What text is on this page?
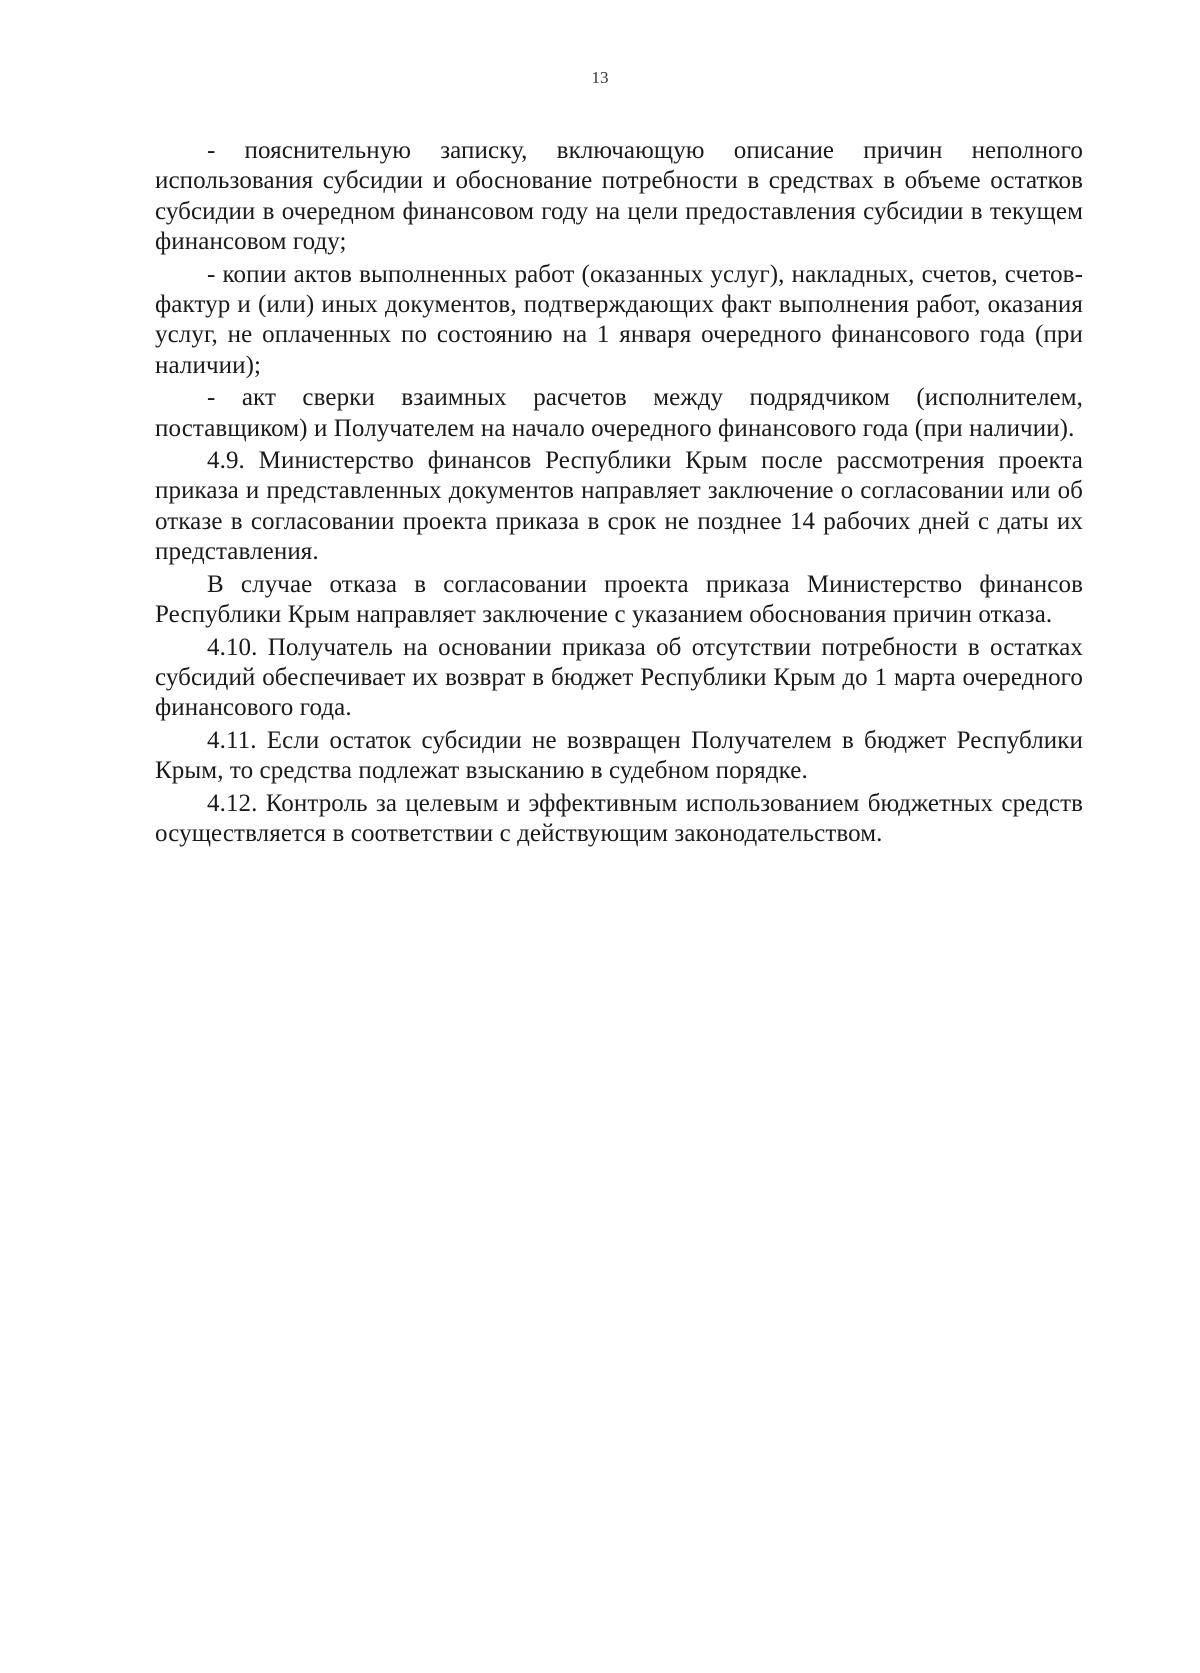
13

- пояснительную записку, включающую описание причин неполного использования субсидии и обоснование потребности в средствах в объеме остатков субсидии в очередном финансовом году на цели предоставления субсидии в текущем финансовом году;

- копии актов выполненных работ (оказанных услуг), накладных, счетов, счетов-фактур и (или) иных документов, подтверждающих факт выполнения работ, оказания услуг, не оплаченных по состоянию на 1 января очередного финансового года (при наличии);

- акт сверки взаимных расчетов между подрядчиком (исполнителем, поставщиком) и Получателем на начало очередного финансового года (при наличии).

4.9. Министерство финансов Республики Крым после рассмотрения проекта приказа и представленных документов направляет заключение о согласовании или об отказе в согласовании проекта приказа в срок не позднее 14 рабочих дней с даты их представления.

В случае отказа в согласовании проекта приказа Министерство финансов Республики Крым направляет заключение с указанием обоснования причин отказа.

4.10. Получатель на основании приказа об отсутствии потребности в остатках субсидий обеспечивает их возврат в бюджет Республики Крым до 1 марта очередного финансового года.

4.11. Если остаток субсидии не возвращен Получателем в бюджет Республики Крым, то средства подлежат взысканию в судебном порядке.

4.12. Контроль за целевым и эффективным использованием бюджетных средств осуществляется в соответствии с действующим законодательством.
